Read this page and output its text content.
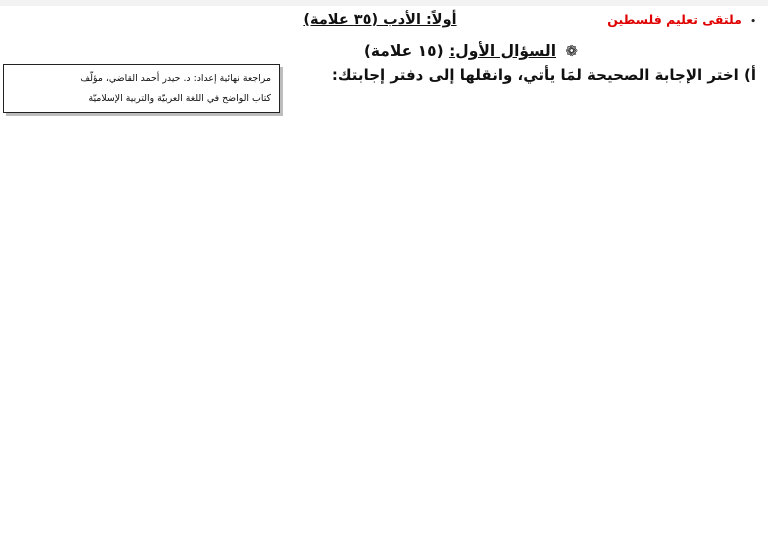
• ملتقى تعليم فلسطين
أولاً: الأدب (٣٥ علامة)
مراجعة نهائية إعداد: د. حيدر أحمد القاضي، مؤلّف
كتاب الواضح في اللغة العربيّة والتربية الإسلاميّة
❁ السؤال الأول: (١٥ علامة)
أ) اختر الإجابة الصحيحة لمَا يأتي، وانقلها إلى دفتر إجابتك:
